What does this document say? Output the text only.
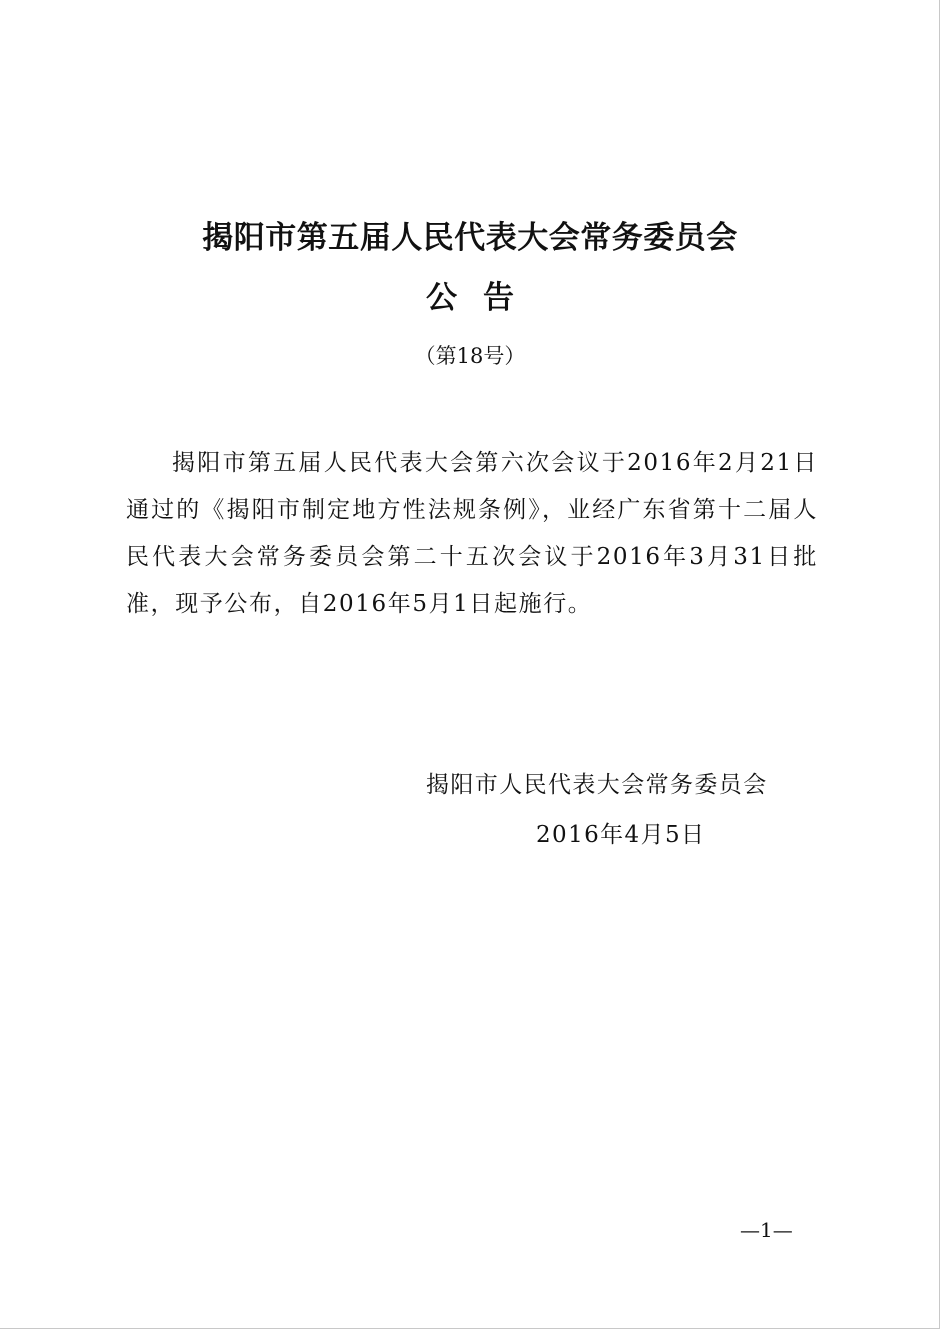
揭阳市第五届人民代表大会常务委员会
公告
（第18号）

揭阳市第五届人民代表大会第六次会议于2016年2月21日通过的《揭阳市制定地方性法规条例》，业经广东省第十二届人民代表大会常务委员会第二十五次会议于2016年3月31日批准，现予公布，自2016年5月1日起施行。

揭阳市人民代表大会常务委员会
2016年4月5日
—1—
